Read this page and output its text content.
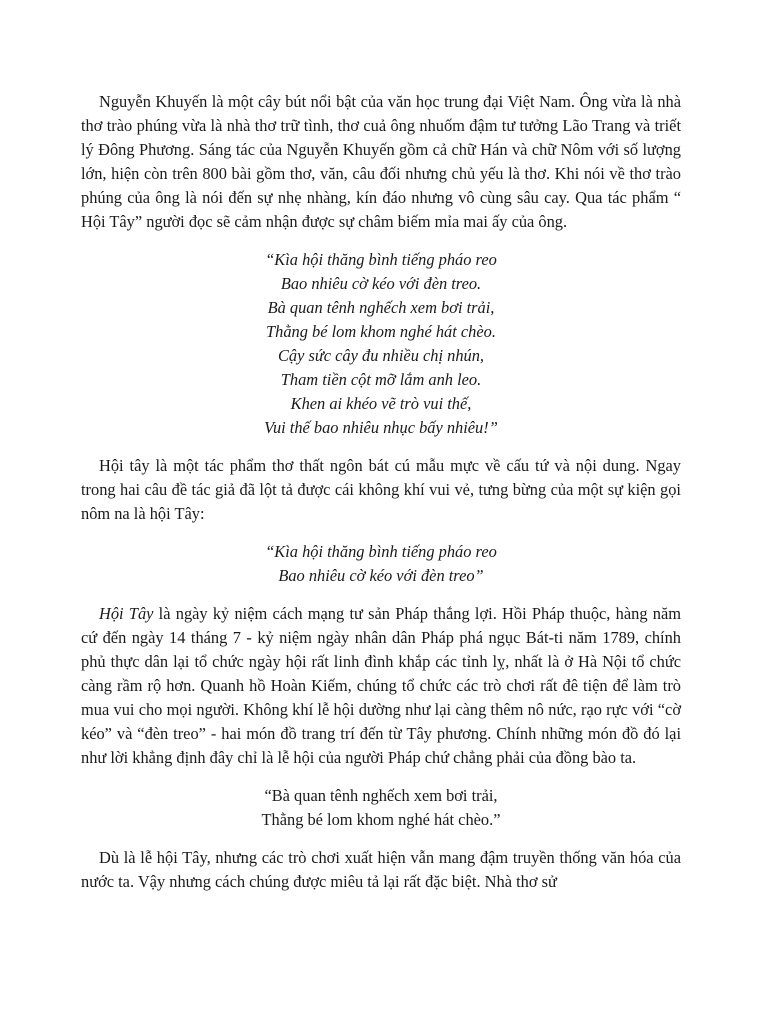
Nguyễn Khuyến là một cây bút nổi bật của văn học trung đại Việt Nam. Ông vừa là nhà thơ trào phúng vừa là nhà thơ trữ tình, thơ cuả ông nhuốm đậm tư tưởng Lão Trang và triết lý Đông Phương. Sáng tác của Nguyễn Khuyến gồm cả chữ Hán và chữ Nôm với số lượng lớn, hiện còn trên 800 bài gồm thơ, văn, câu đối nhưng chủ yếu là thơ. Khi nói về thơ trào phúng của ông là nói đến sự nhẹ nhàng, kín đáo nhưng vô cùng sâu cay. Qua tác phẩm “ Hội Tây” người đọc sẽ cảm nhận được sự châm biếm mỉa mai ấy của ông.

“Kìa hội thăng bình tiếng pháo reo
Bao nhiêu cờ kéo với đèn treo.
Bà quan tênh nghếch xem bơi trải,
Thằng bé lom khom nghé hát chèo.
Cậy sức cây đu nhiều chị nhún,
Tham tiền cột mỡ lắm anh leo.
Khen ai khéo vẽ trò vui thế,
Vui thế bao nhiêu nhục bấy nhiêu!”

Hội tây là một tác phẩm thơ thất ngôn bát cú mẫu mực về cấu tứ và nội dung. Ngay trong hai câu đề tác giả đã lột tả được cái không khí vui vẻ, tưng bừng của một sự kiện gọi nôm na là hội Tây:

“Kìa hội thăng bình tiếng pháo reo
Bao nhiêu cờ kéo với đèn treo”

Hội Tây là ngày kỷ niệm cách mạng tư sản Pháp thắng lợi. Hồi Pháp thuộc, hàng năm cứ đến ngày 14 tháng 7 - kỷ niệm ngày nhân dân Pháp phá ngục Bát-ti năm 1789, chính phủ thực dân lại tổ chức ngày hội rất linh đình khắp các tỉnh lỵ, nhất là ở Hà Nội tổ chức càng rầm rộ hơn. Quanh hồ Hoàn Kiếm, chúng tổ chức các trò chơi rất đê tiện để làm trò mua vui cho mọi người. Không khí lễ hội dường như lại càng thêm nô nức, rạo rực với “cờ kéo” và “đèn treo” - hai món đồ trang trí đến từ Tây phương. Chính những món đồ đó lại như lời khẳng định đây chỉ là lễ hội của người Pháp chứ chẳng phải của đồng bào ta.

“Bà quan tênh nghếch xem bơi trải,
Thằng bé lom khom nghé hát chèo.”

Dù là lễ hội Tây, nhưng các trò chơi xuất hiện vẫn mang đậm truyền thống văn hóa của nước ta. Vậy nhưng cách chúng được miêu tả lại rất đặc biệt. Nhà thơ sử
